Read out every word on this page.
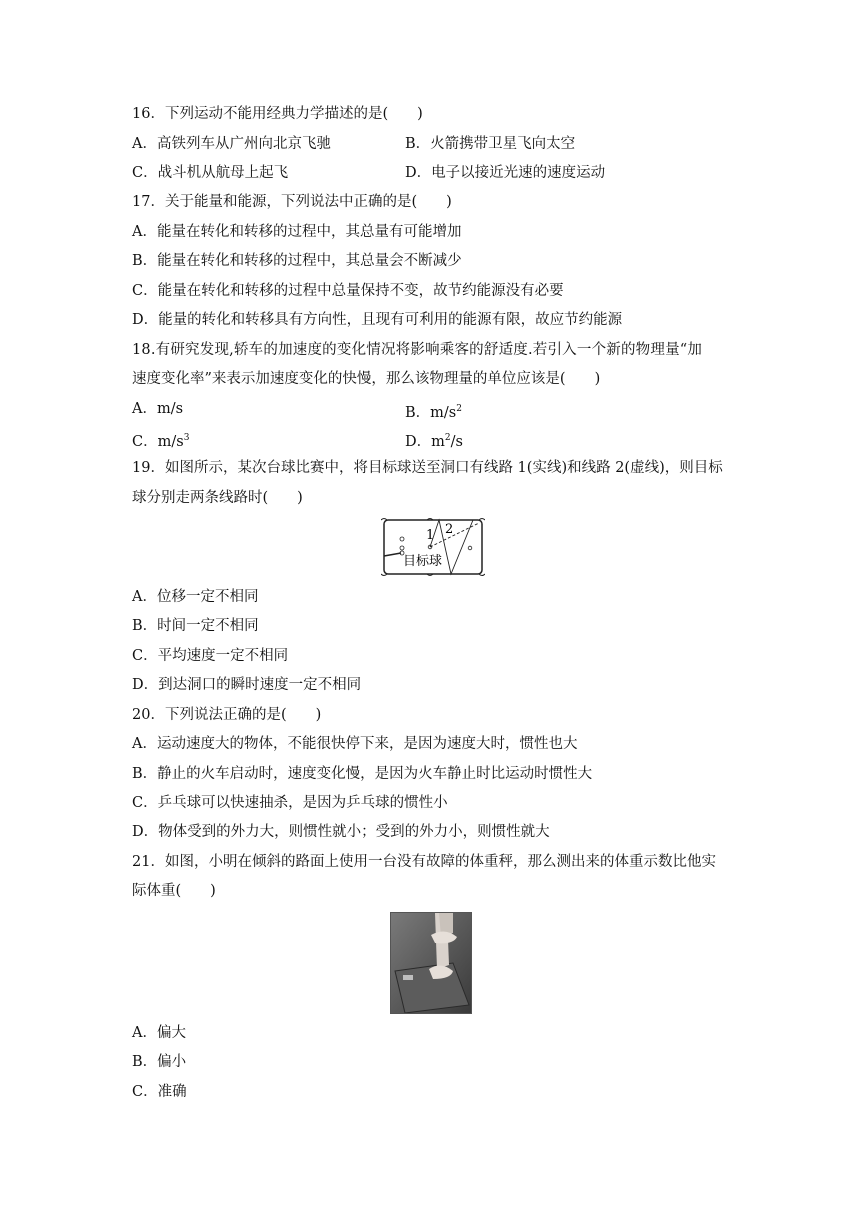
16．下列运动不能用经典力学描述的是(　　)
A．高铁列车从广州向北京飞驰	B．火箭携带卫星飞向太空
C．战斗机从航母上起飞	D．电子以接近光速的速度运动
17．关于能量和能源，下列说法中正确的是(　　)
A．能量在转化和转移的过程中，其总量有可能增加
B．能量在转化和转移的过程中，其总量会不断减少
C．能量在转化和转移的过程中总量保持不变，故节约能源没有必要
D．能量的转化和转移具有方向性，且现有可利用的能源有限，故应节约能源
18.有研究发现,轿车的加速度的变化情况将影响乘客的舒适度.若引入一个新的物理量“加
速度变化率”来表示加速度变化的快慢，那么该物理量的单位应该是(　　)
A．m/s	B．$m/s^2$
C．$m/s^3$	D．$m^2/s$
19．如图所示，某次台球比赛中，将目标球送至洞口有线路 1(实线)和线路 2(虚线)，则目标
球分别走两条线路时(　　)
1 2
目标球
A．位移一定不相同
B．时间一定不相同
C．平均速度一定不相同
D．到达洞口的瞬时速度一定不相同
20．下列说法正确的是(　　)
A．运动速度大的物体，不能很快停下来，是因为速度大时，惯性也大
B．静止的火车启动时，速度变化慢，是因为火车静止时比运动时惯性大
C．乒乓球可以快速抽杀，是因为乒乓球的惯性小
D．物体受到的外力大，则惯性就小；受到的外力小，则惯性就大
21．如图，小明在倾斜的路面上使用一台没有故障的体重秤，那么测出来的体重示数比他实
际体重(　　)
A．偏大
B．偏小
C．准确
